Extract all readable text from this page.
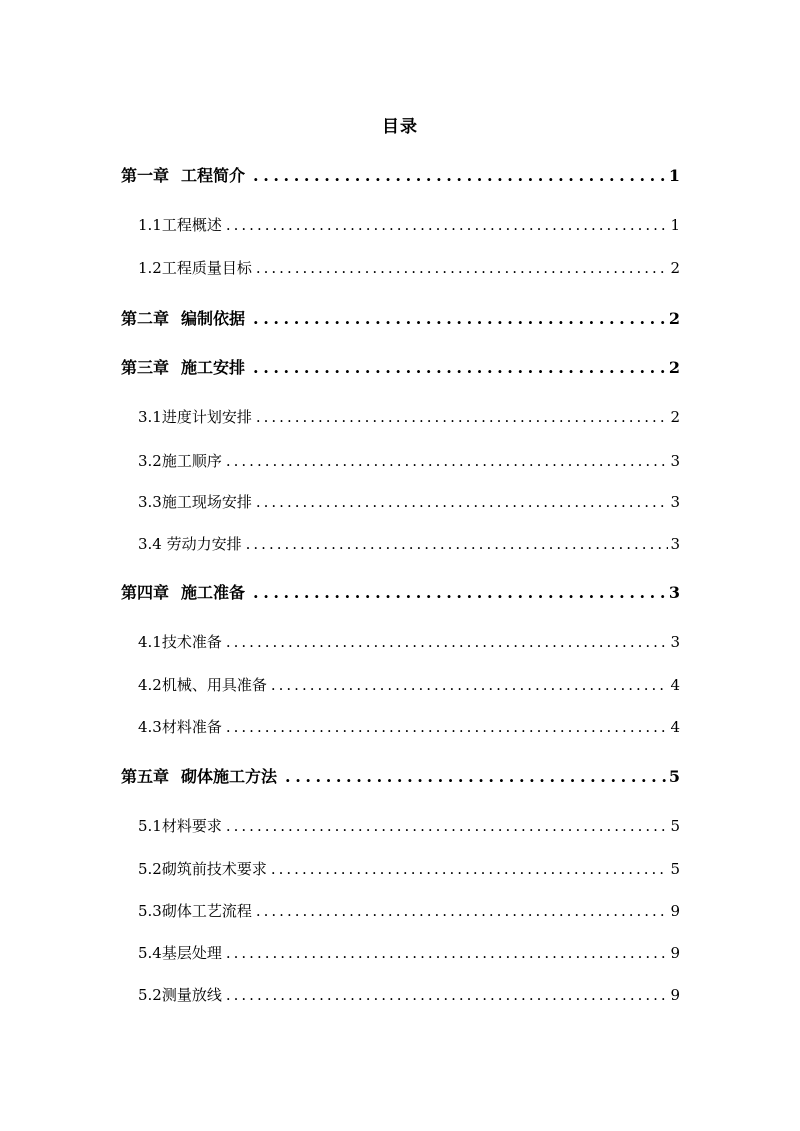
目录
第一章 工程简介 .....	1
1.1工程概述 .....	1
1.2工程质量目标 .....	2
第二章 编制依据 .....	2
第三章 施工安排 .....	2
3.1进度计划安排 .....	2
3.2施工顺序 .....	3
3.3施工现场安排 .....	3
3.4 劳动力安排 .....	3
第四章 施工准备 .....	3
4.1技术准备 .....	3
4.2机械、用具准备 .....	4
4.3材料准备 .....	4
第五章 砌体施工方法 .....	5
5.1材料要求 .....	5
5.2砌筑前技术要求 .....	5
5.3砌体工艺流程 .....	9
5.4基层处理 .....	9
5.2测量放线 .....	9
